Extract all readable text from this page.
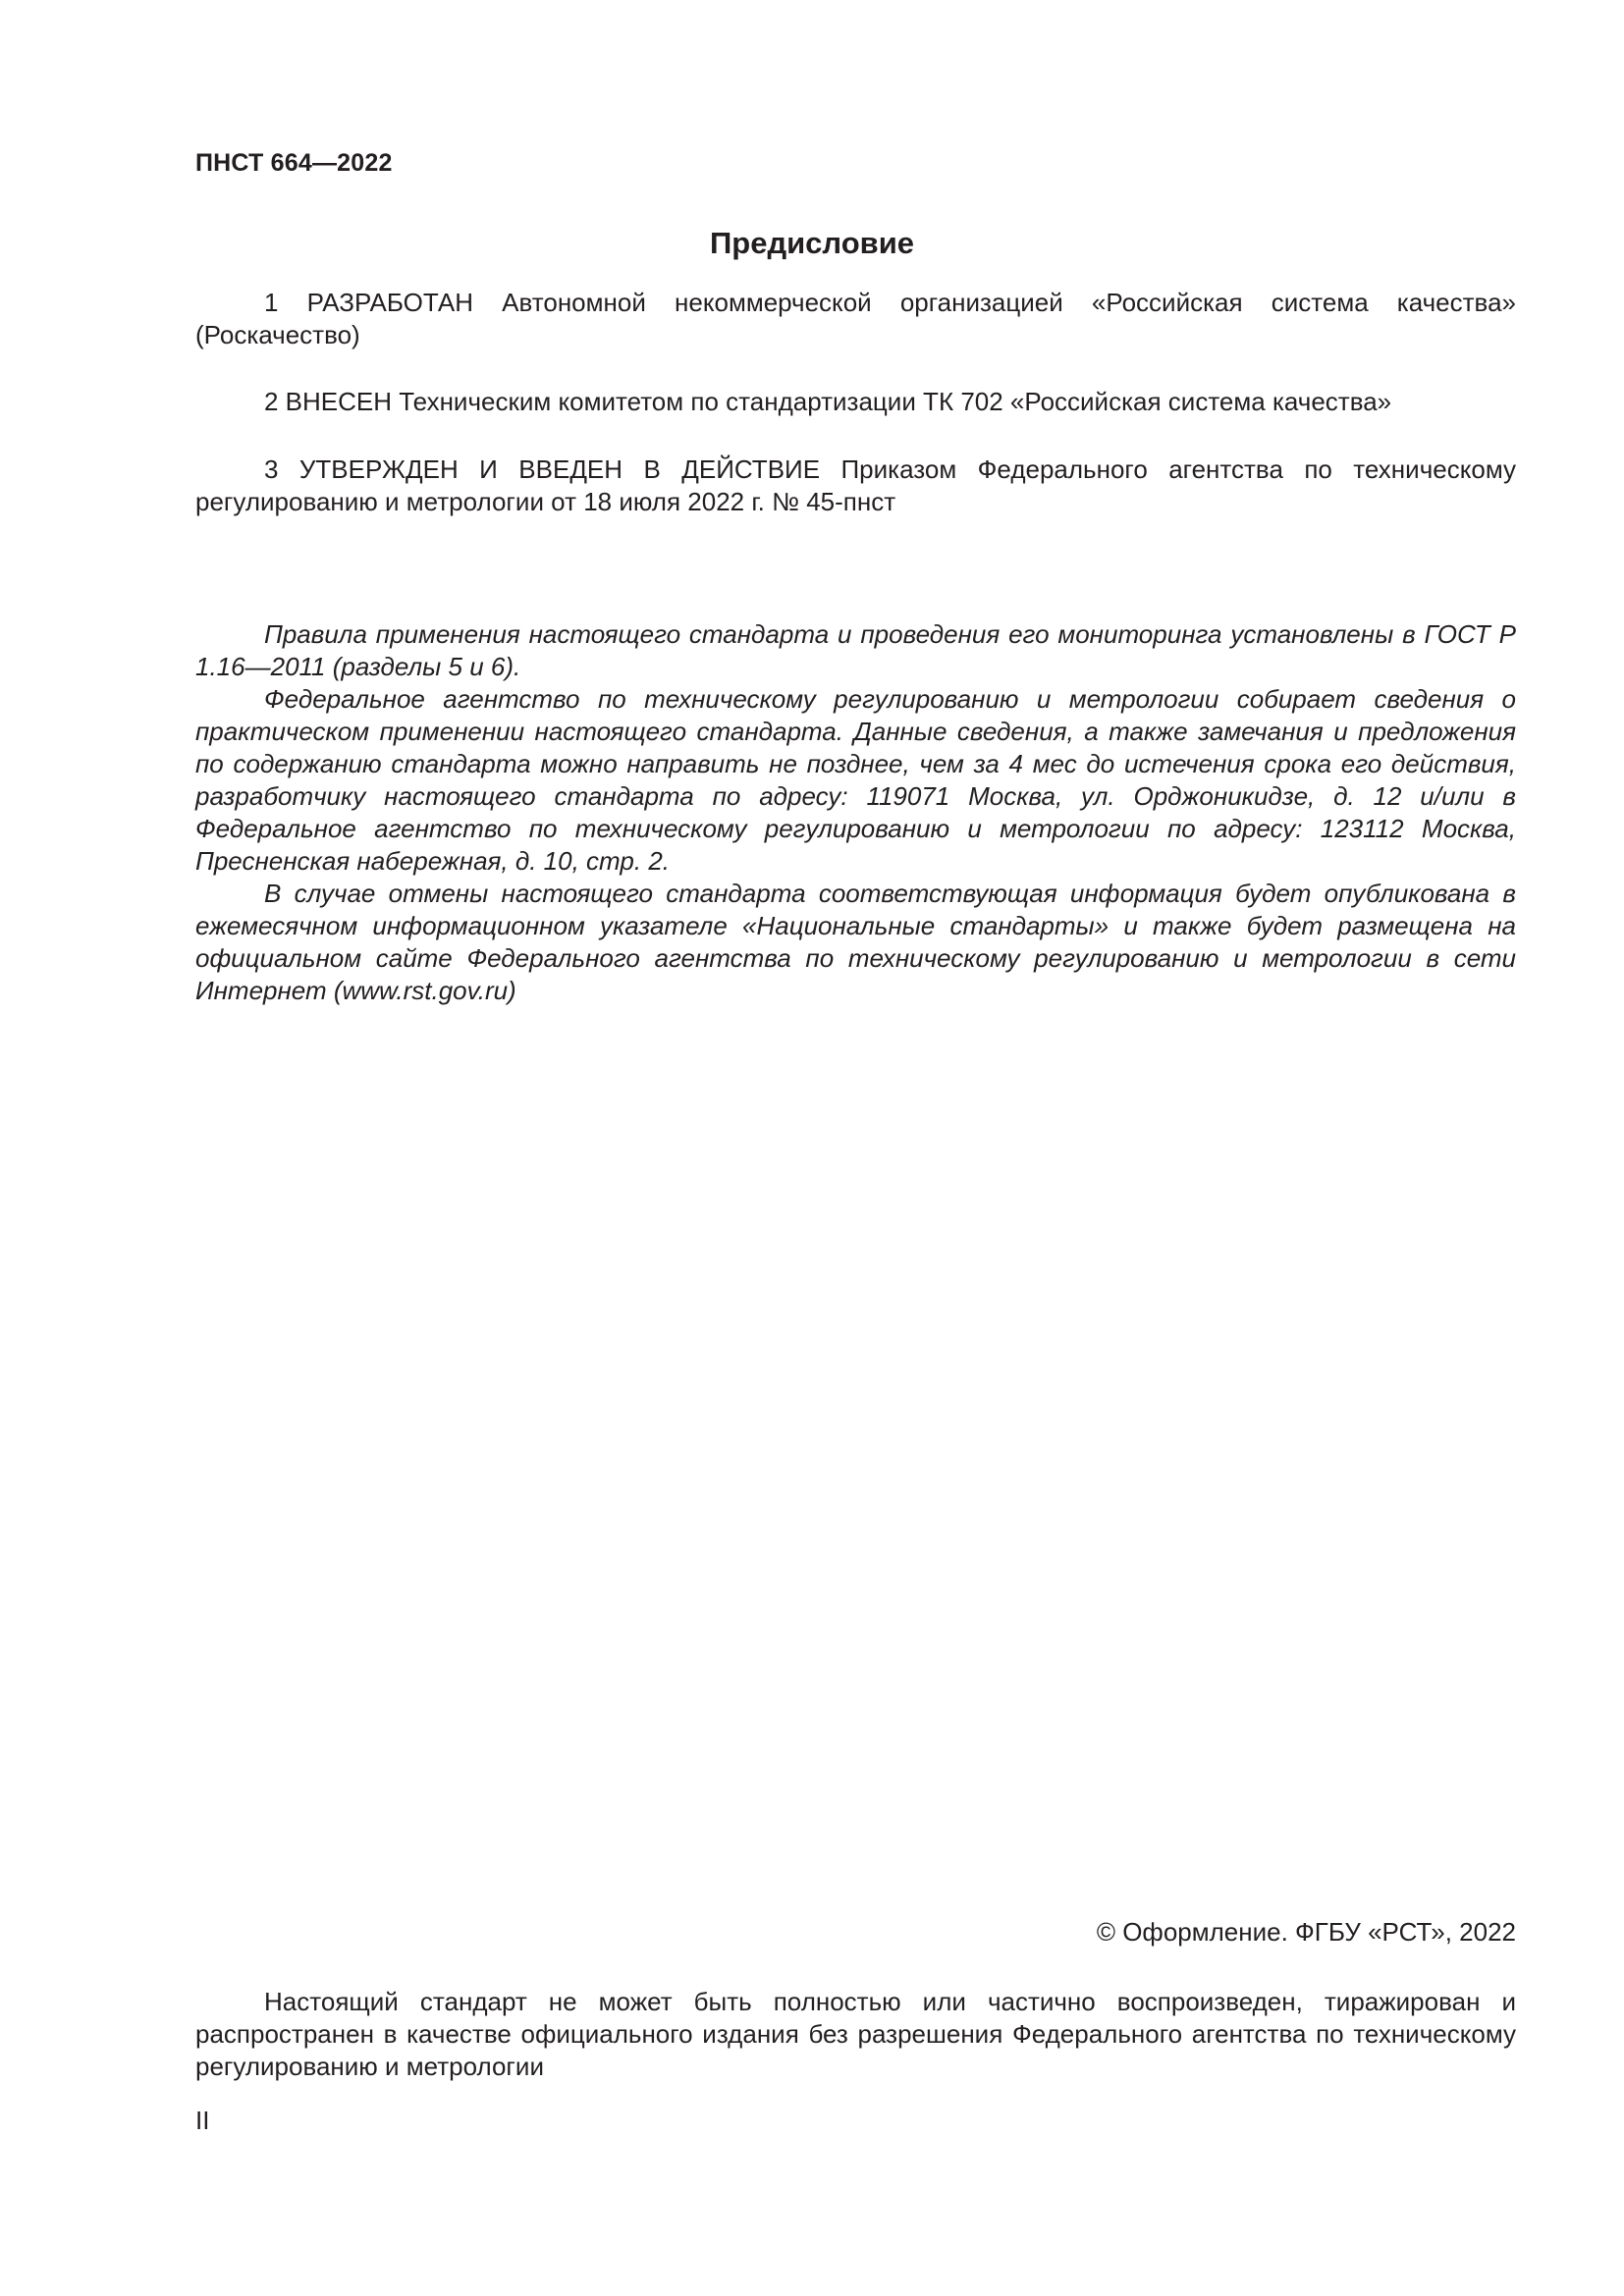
ПНСТ 664—2022
Предисловие

1 РАЗРАБОТАН Автономной некоммерческой организацией «Российская система качества» (Роскачество)

2 ВНЕСЕН Техническим комитетом по стандартизации ТК 702 «Российская система качества»

3 УТВЕРЖДЕН И ВВЕДЕН В ДЕЙСТВИЕ Приказом Федерального агентства по техническому регулированию и метрологии от 18 июля 2022 г. № 45-пнст

Правила применения настоящего стандарта и проведения его мониторинга установлены в ГОСТ Р 1.16—2011 (разделы 5 и 6).

Федеральное агентство по техническому регулированию и метрологии собирает сведения о практическом применении настоящего стандарта. Данные сведения, а также замечания и предложения по содержанию стандарта можно направить не позднее, чем за 4 мес до истечения срока его действия, разработчику настоящего стандарта по адресу: 119071 Москва, ул. Орджоникидзе, д. 12 и/или в Федеральное агентство по техническому регулированию и метрологии по адресу: 123112 Москва, Пресненская набережная, д. 10, стр. 2.

В случае отмены настоящего стандарта соответствующая информация будет опубликована в ежемесячном информационном указателе «Национальные стандарты» и также будет размещена на официальном сайте Федерального агентства по техническому регулированию и метрологии в сети Интернет (www.rst.gov.ru)

© Оформление. ФГБУ «РСТ», 2022

Настоящий стандарт не может быть полностью или частично воспроизведен, тиражирован и распространен в качестве официального издания без разрешения Федерального агентства по техническому регулированию и метрологии

II
